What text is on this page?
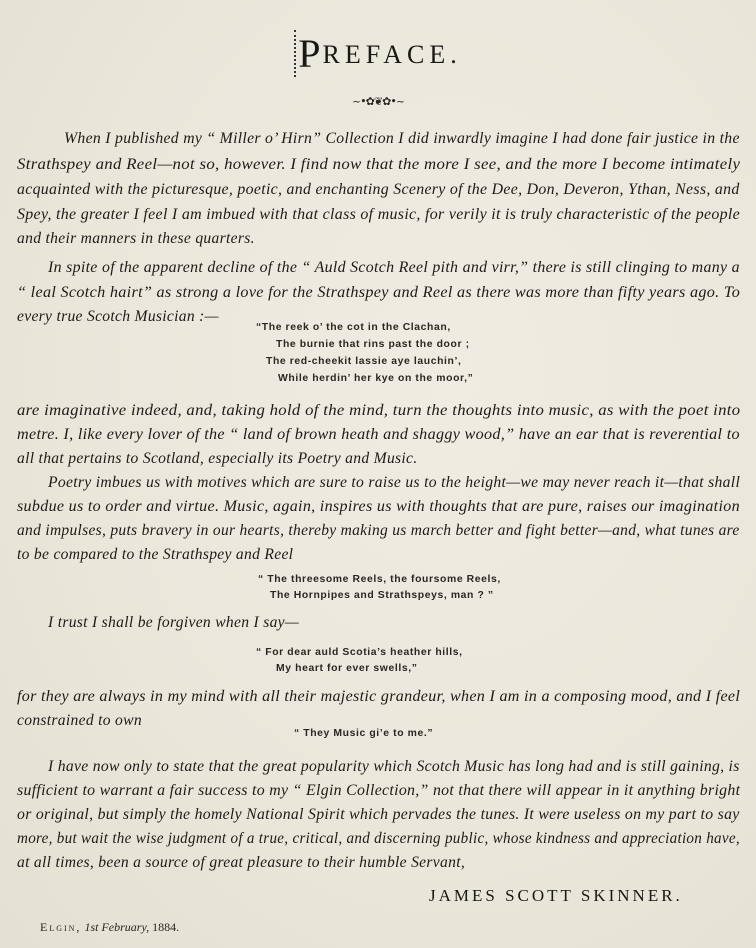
PREFACE.
~•✿❦✿•~
When I published my “ Miller o’ Hirn” Collection I did inwardly imagine I had done fair justice in the
Strathspey and Reel—not so, however. I find now that the more I see, and the more I become intimately
acquainted with the picturesque, poetic, and enchanting Scenery of the Dee, Don, Deveron, Ythan, Ness, and
Spey, the greater I feel I am imbued with that class of music, for verily it is truly characteristic of the people
and their manners in these quarters.
In spite of the apparent decline of the “ Auld Scotch Reel pith and virr,” there is still clinging to many a
“ leal Scotch hairt” as strong a love for the Strathspey and Reel as there was more than fifty years ago. To
every true Scotch Musician :—
“The reek o’ the cot in the Clachan,
The burnie that rins past the door ;
The red-cheekit lassie aye lauchin’,
While herdin’ her kye on the moor,”
are imaginative indeed, and, taking hold of the mind, turn the thoughts into music, as with the poet into
metre. I, like every lover of the “ land of brown heath and shaggy wood,” have an ear that is reverential to
all that pertains to Scotland, especially its Poetry and Music.
Poetry imbues us with motives which are sure to raise us to the height—we may never reach it—that shall
subdue us to order and virtue. Music, again, inspires us with thoughts that are pure, raises our imagination
and impulses, puts bravery in our hearts, thereby making us march better and fight better—and, what tunes are
to be compared to the Strathspey and Reel
“ The threesome Reels, the foursome Reels,
The Hornpipes and Strathspeys, man ? ”
I trust I shall be forgiven when I say—
“ For dear auld Scotia’s heather hills,
My heart for ever swells,”
for they are always in my mind with all their majestic grandeur, when I am in a composing mood, and I feel
constrained to own
“ They Music gi’e to me.”
I have now only to state that the great popularity which Scotch Music has long had and is still gaining, is
sufficient to warrant a fair success to my “ Elgin Collection,” not that there will appear in it anything bright
or original, but simply the homely National Spirit which pervades the tunes. It were useless on my part to say
more, but wait the wise judgment of a true, critical, and discerning public, whose kindness and appreciation have,
at all times, been a source of great pleasure to their humble Servant,
JAMES SCOTT SKINNER.
Elgin, 1st February, 1884.
